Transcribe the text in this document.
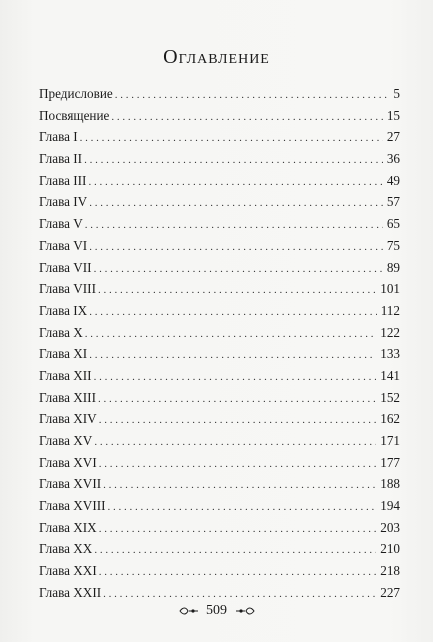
Оглавление
Предисловие . . .	5
Посвящение . . .	15
Глава I . . .	27
Глава II . . .	36
Глава III . . .	49
Глава IV . . .	57
Глава V . . .	65
Глава VI . . .	75
Глава VII . . .	89
Глава VIII . . .	101
Глава IX . . .	112
Глава X . . .	122
Глава XI . . .	133
Глава XII . . .	141
Глава XIII . . .	152
Глава XIV . . .	162
Глава XV . . .	171
Глава XVI . . .	177
Глава XVII . . .	188
Глава XVIII . . .	194
Глава XIX . . .	203
Глава XX . . .	210
Глава XXI . . .	218
Глава XXII . . .	227
509
